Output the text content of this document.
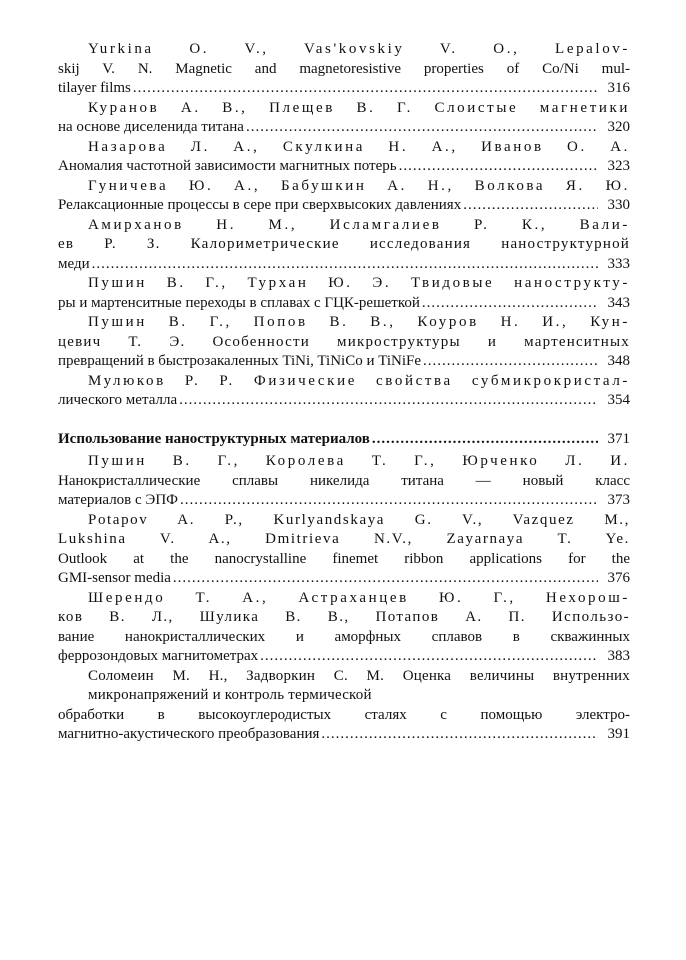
Yurkina O. V., Vas'kovskiy V. O., Lepalov-
skij V. N. Magnetic and magnetoresistive properties of Co/Ni mul-
tilayer films .....	316
Куранов А. В., Плещев В. Г. Слоистые магнетики
на основе диселенида титана .....	320
Назарова Л. А., Скулкина Н. А., Иванов О. А.
Аномалия частотной зависимости магнитных потерь .....	323
Гуничева Ю. А., Бабушкин А. Н., Волкова Я. Ю.
Релаксационные процессы в сере при сверхвысоких давлениях .....	330
Амирханов Н. М., Исламгалиев Р. К., Вали-
ев Р. З. Калориметрические исследования наноструктурной
меди .....	333
Пушин В. Г., Турхан Ю. Э. Твидовые нанострукту-
ры и мартенситные переходы в сплавах с ГЦК-решеткой .....	343
Пушин В. Г., Попов В. В., Коуров Н. И., Кун-
цевич Т. Э. Особенности микроструктуры и мартенситных
превращений в быстрозакаленных TiNi, TiNiCo и TiNiFe .....	348
Мулюков Р. Р. Физические свойства субмикрокристал-
лического металла .....	354
Использование наноструктурных материалов .....	371
Пушин В. Г., Королева Т. Г., Юрченко Л. И.
Нанокристаллические сплавы никелида титана — новый класс
материалов с ЭПФ .....	373
Potapov A. P., Kurlyandskaya G. V., Vazquez M.,
Lukshina V. A., Dmitrieva N.V., Zayarnaya T. Ye.
Outlook at the nanocrystalline finemet ribbon applications for the
GMI-sensor media .....	376
Шерендо Т. А., Астраханцев Ю. Г., Нехорош-
ков В. Л., Шулика В. В., Потапов А. П. Использо-
вание нанокристаллических и аморфных сплавов в скважинных
феррозондовых магнитометрах .....	383
Соломеин М. Н., Задворкин С. М. Оценка величины внутренних микронапряжений и контроль термической
обработки в высокоуглеродистых сталях с помощью электро-
магнитно-акустического преобразования .....	391
